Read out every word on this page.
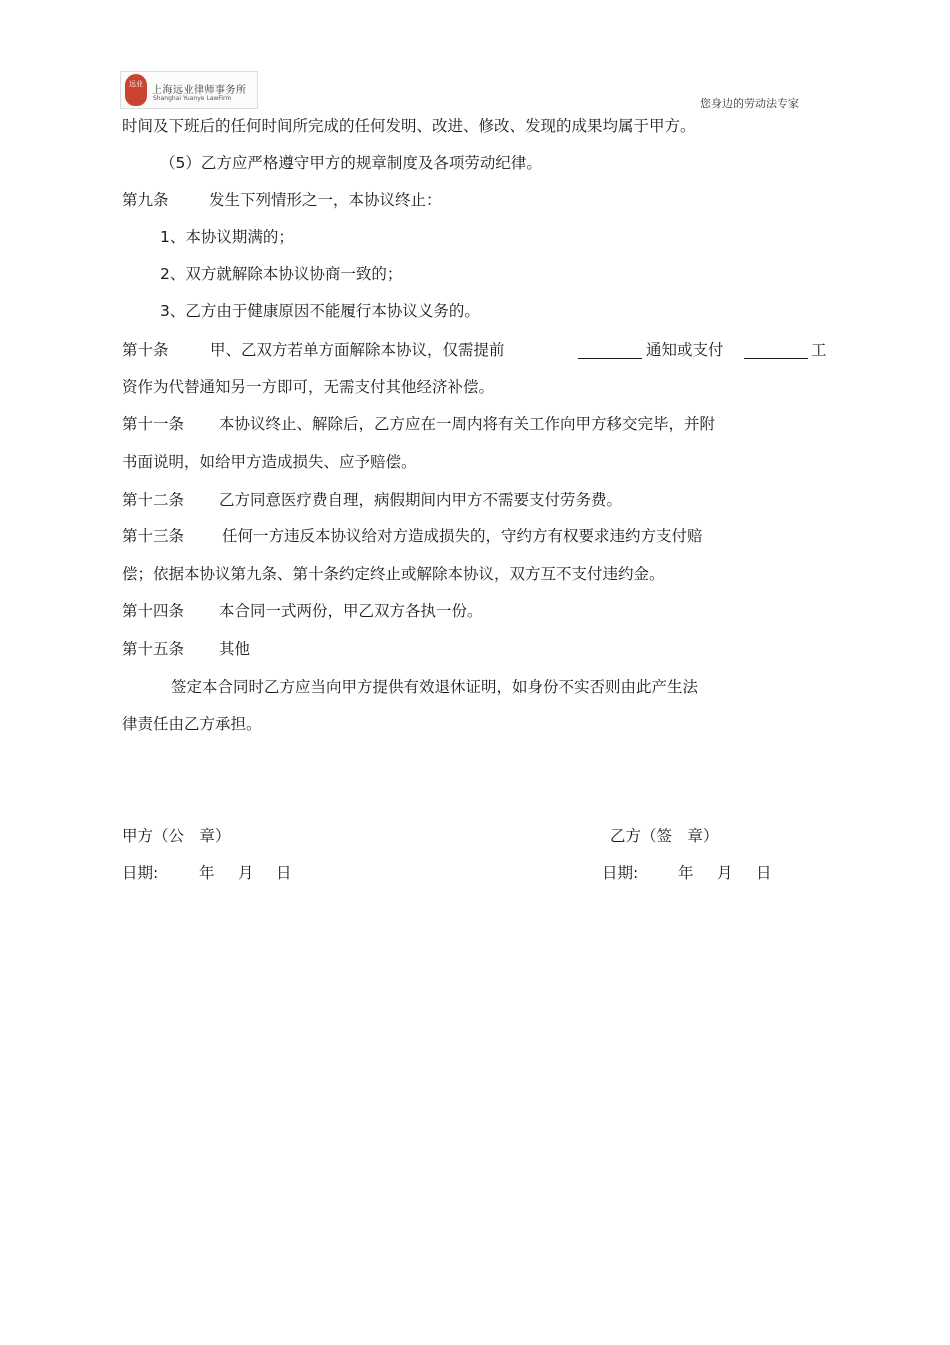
远业
上海远业律师事务所
Shanghai Yuanye LawFirm	您身边的劳动法专家
时间及下班后的任何时间所完成的任何发明、改进、修改、发现的成果均属于甲方。
（5）乙方应严格遵守甲方的规章制度及各项劳动纪律。
第九条	发生下列情形之一，本协议终止：
1、本协议期满的；
2、双方就解除本协议协商一致的；
3、乙方由于健康原因不能履行本协议义务的。
第十条	甲、乙双方若单方面解除本协议，仅需提前	通知或支付	工
资作为代替通知另一方即可，无需支付其他经济补偿。
第十一条 本协议终止、解除后，乙方应在一周内将有关工作向甲方移交完毕，并附
书面说明，如给甲方造成损失、应予赔偿。
第十二条 乙方同意医疗费自理，病假期间内甲方不需要支付劳务费。
第十三条 任何一方违反本协议给对方造成损失的，守约方有权要求违约方支付赔
偿；依据本协议第九条、第十条约定终止或解除本协议，双方互不支付违约金。
第十四条 本合同一式两份，甲乙双方各执一份。
第十五条 其他
签定本合同时乙方应当向甲方提供有效退休证明，如身份不实否则由此产生法
律责任由乙方承担。
甲方（公　章）	乙方（签　章）
日期:	年 月 日	日期:	年 月 日
